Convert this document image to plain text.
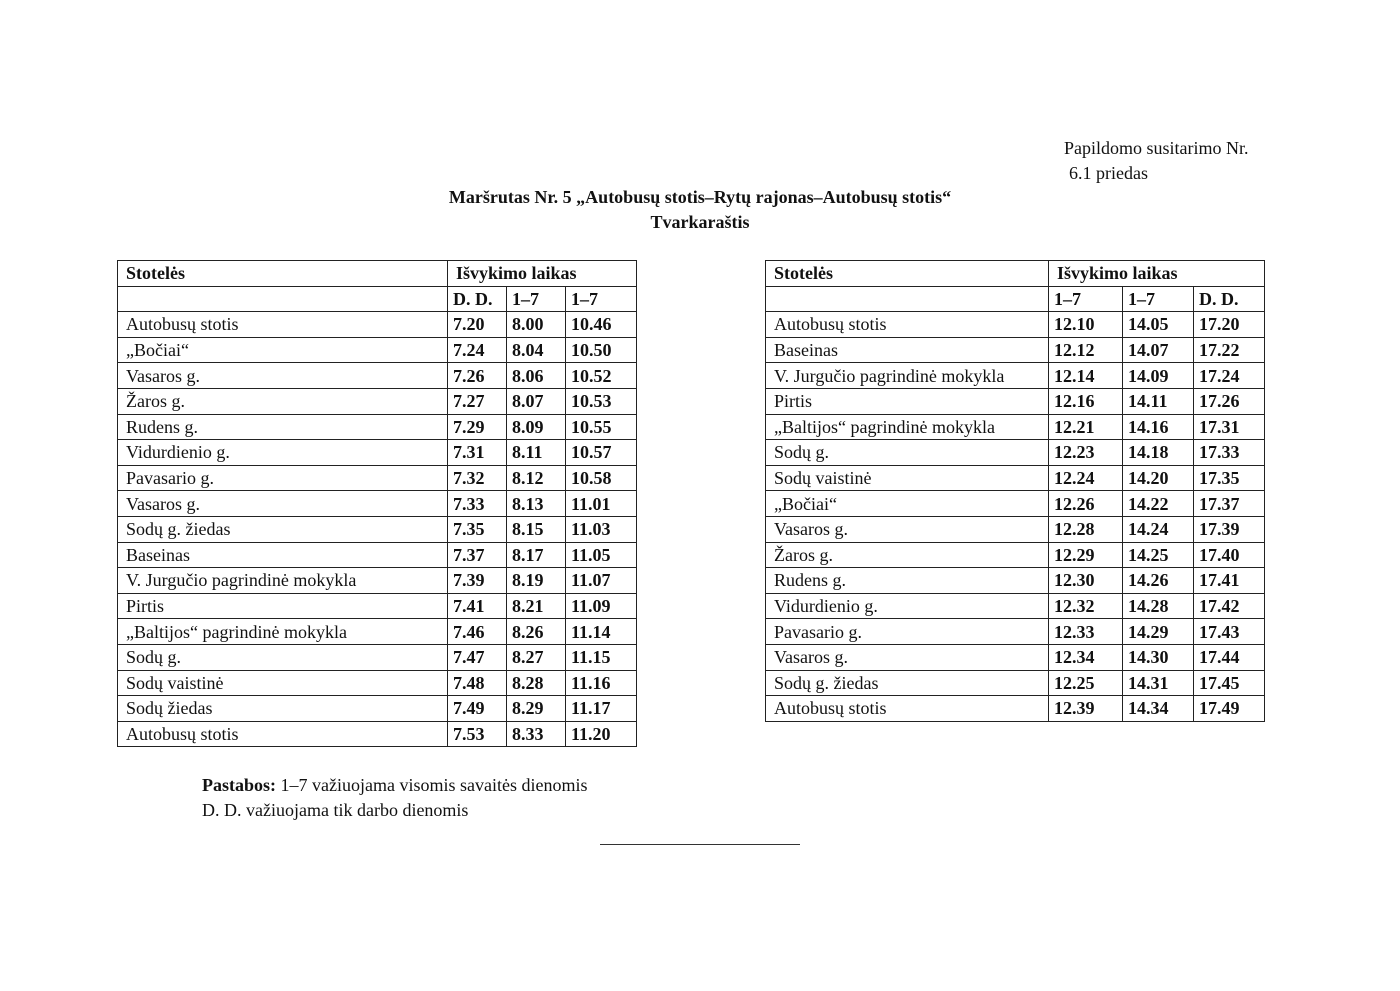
Papildomo susitarimo Nr.
6.1 priedas
Maršrutas Nr. 5 „Autobusų stotis–Rytų rajonas–Autobusų stotis“
Tvarkaraštis
Stotelės	Išvykimo laikas		
	D. D.	1–7	1–7
Autobusų stotis	7.20	8.00	10.46
„Bočiai“	7.24	8.04	10.50
Vasaros g.	7.26	8.06	10.52
Žaros g.	7.27	8.07	10.53
Rudens g.	7.29	8.09	10.55
Vidurdienio g.	7.31	8.11	10.57
Pavasario g.	7.32	8.12	10.58
Vasaros g.	7.33	8.13	11.01
Sodų g. žiedas	7.35	8.15	11.03
Baseinas	7.37	8.17	11.05
V. Jurgučio pagrindinė mokykla	7.39	8.19	11.07
Pirtis	7.41	8.21	11.09
„Baltijos“ pagrindinė mokykla	7.46	8.26	11.14
Sodų g.	7.47	8.27	11.15
Sodų vaistinė	7.48	8.28	11.16
Sodų žiedas	7.49	8.29	11.17
Autobusų stotis	7.53	8.33	11.20
Stotelės	Išvykimo laikas		
	1–7	1–7	D. D.
Autobusų stotis	12.10	14.05	17.20
Baseinas	12.12	14.07	17.22
V. Jurgučio pagrindinė mokykla	12.14	14.09	17.24
Pirtis	12.16	14.11	17.26
„Baltijos“ pagrindinė mokykla	12.21	14.16	17.31
Sodų g.	12.23	14.18	17.33
Sodų vaistinė	12.24	14.20	17.35
„Bočiai“	12.26	14.22	17.37
Vasaros g.	12.28	14.24	17.39
Žaros g.	12.29	14.25	17.40
Rudens g.	12.30	14.26	17.41
Vidurdienio g.	12.32	14.28	17.42
Pavasario g.	12.33	14.29	17.43
Vasaros g.	12.34	14.30	17.44
Sodų g. žiedas	12.25	14.31	17.45
Autobusų stotis	12.39	14.34	17.49
Pastabos: 1–7 važiuojama visomis savaitės dienomis
D. D. važiuojama tik darbo dienomis
